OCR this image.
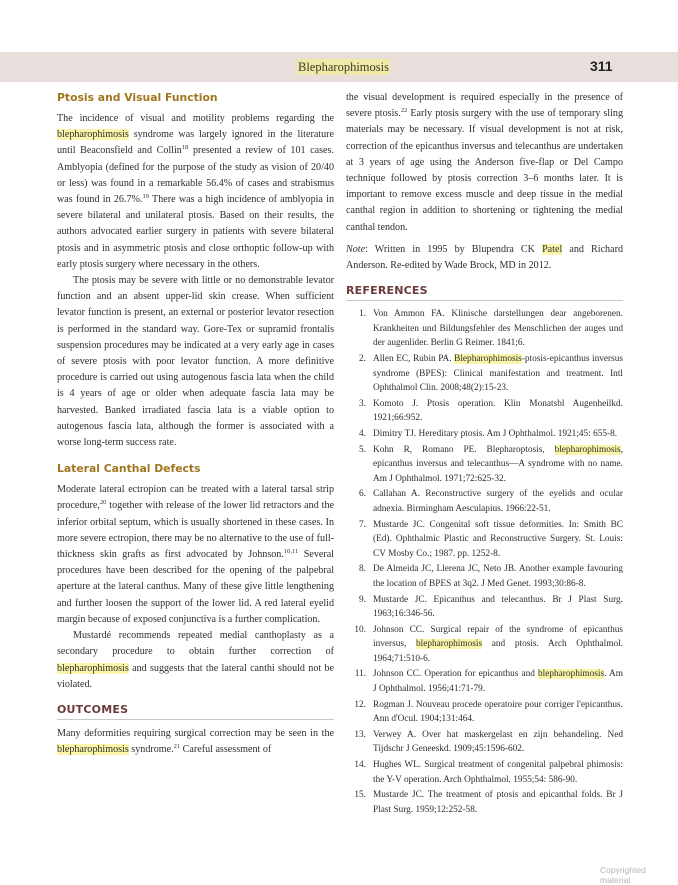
Blepharophimosis	311
Ptosis and Visual Function

The incidence of visual and motility problems regarding the blepharophimosis syndrome was largely ignored in the literature until Beaconsfield and Collin$^{18}$ presented a review of 101 cases. Amblyopia (defined for the purpose of the study as vision of 20/40 or less) was found in a remarkable 56.4% of cases and strabismus was found in 26.7%.$^{19}$ There was a high incidence of amblyopia in severe bilateral and unilateral ptosis. Based on their results, the authors advocated earlier surgery in patients with severe bilateral ptosis and in asymmetric ptosis and close orthoptic follow-up with early ptosis surgery where necessary in the others.

The ptosis may be severe with little or no demonstrable levator function and an absent upper-lid skin crease. When sufficient levator function is present, an external or posterior levator resection is performed in the standard way. Gore-Tex or supramid frontalis suspension procedures may be indicated at a very early age in cases of severe ptosis with poor levator function. A more definitive procedure is carried out using autogenous fascia lata when the child is 4 years of age or older when adequate fascia lata may be harvested. Banked irradiated fascia lata is a viable option to autogenous fascia lata, although the former is associated with a worse long-term success rate.

Lateral Canthal Defects

Moderate lateral ectropion can be treated with a lateral tarsal strip procedure,$^{20}$ together with release of the lower lid retractors and the inferior orbital septum, which is usually shortened in these cases. In more severe ectropion, there may be no alternative to the use of full-thickness skin grafts as first advocated by Johnson.$^{10,11}$ Several procedures have been described for the opening of the palpebral aperture at the lateral canthus. Many of these give little lengthening and further loosen the support of the lower lid. A red lateral eyelid margin because of exposed conjunctiva is a further complication.

Mustardé recommends repeated medial canthoplasty as a secondary procedure to obtain further correction of blepharophimosis and suggests that the lateral canthi should not be violated.

OUTCOMES

Many deformities requiring surgical correction may be seen in the blepharophimosis syndrome.$^{21}$ Careful assessment of

the visual development is required especially in the presence of severe ptosis.$^{22}$ Early ptosis surgery with the use of temporary sling materials may be necessary. If visual development is not at risk, correction of the epicanthus inversus and telecanthus are undertaken at 3 years of age using the Anderson five-flap or Del Campo technique followed by ptosis correction 3–6 months later. It is important to remove excess muscle and deep tissue in the medial canthal region in addition to shortening or tightening the medial canthal tendon.

Note: Written in 1995 by Blupendra CK Patel and Richard Anderson. Re-edited by Wade Brock, MD in 2012.

REFERENCES
1. Von Ammon FA. Klinische darstellungen dear angeborenen. Krankheiten und Bildungsfehler des Menschlichen der auges und der augenlider. Berlin G Reimer. 1841;6.
2. Allen EC, Rubin PA. Blepharophimosis-ptosis-epicanthus inversus syndrome (BPES): Clinical manifestation and treatment. Intl Ophthalmol Clin. 2008;48(2):15-23.
3. Komoto J. Ptosis operation. Klin Monatsbl Augenheilkd. 1921;66:952.
4. Dimitry TJ. Hereditary ptosis. Am J Ophthalmol. 1921;45: 655-8.
5. Kohn R, Romano PE. Blepharoptosis, blepharophimosis, epicanthus inversus and telecanthus—A syndrome with no name. Am J Ophthalmol. 1971;72:625-32.
6. Callahan A. Reconstructive surgery of the eyelids and ocular adnexia. Birmingham Aesculapius. 1966:22-51.
7. Mustarde JC. Congenital soft tissue deformities. In: Smith BC (Ed). Ophthalmic Plastic and Reconstructive Surgery. St. Louis: CV Mosby Co.; 1987. pp. 1252-8.
8. De Almeida JC, Llerena JC, Neto JB. Another example favouring the location of BPES at 3q2. J Med Genet. 1993;30:86-8.
9. Mustarde JC. Epicanthus and telecanthus. Br J Plast Surg. 1963;16:346-56.
10. Johnson CC. Surgical repair of the syndrome of epicanthus inversus, blepharophimosis and ptosis. Arch Ophthalmol. 1964;71:510-6.
11. Johnson CC. Operation for epicanthus and blepharophimosis. Am J Ophthalmol. 1956;41:71-79.
12. Rogman J. Nouveau procede operatoire pour corriger l'epicanthus. Ann d'Ocul. 1904;131:464.
13. Verwey A. Over hat maskergelast en zijn behandeling. Ned Tijdschr J Geneeskd. 1909;45:1596-602.
14. Hughes WL. Surgical treatment of congenital palpebral phimosis: the Y-V operation. Arch Ophthalmol. 1955;54: 586-90.
15. Mustarde JC. The treatment of ptosis and epicanthal folds. Br J Plast Surg. 1959;12:252-58.
Copyrighted material
